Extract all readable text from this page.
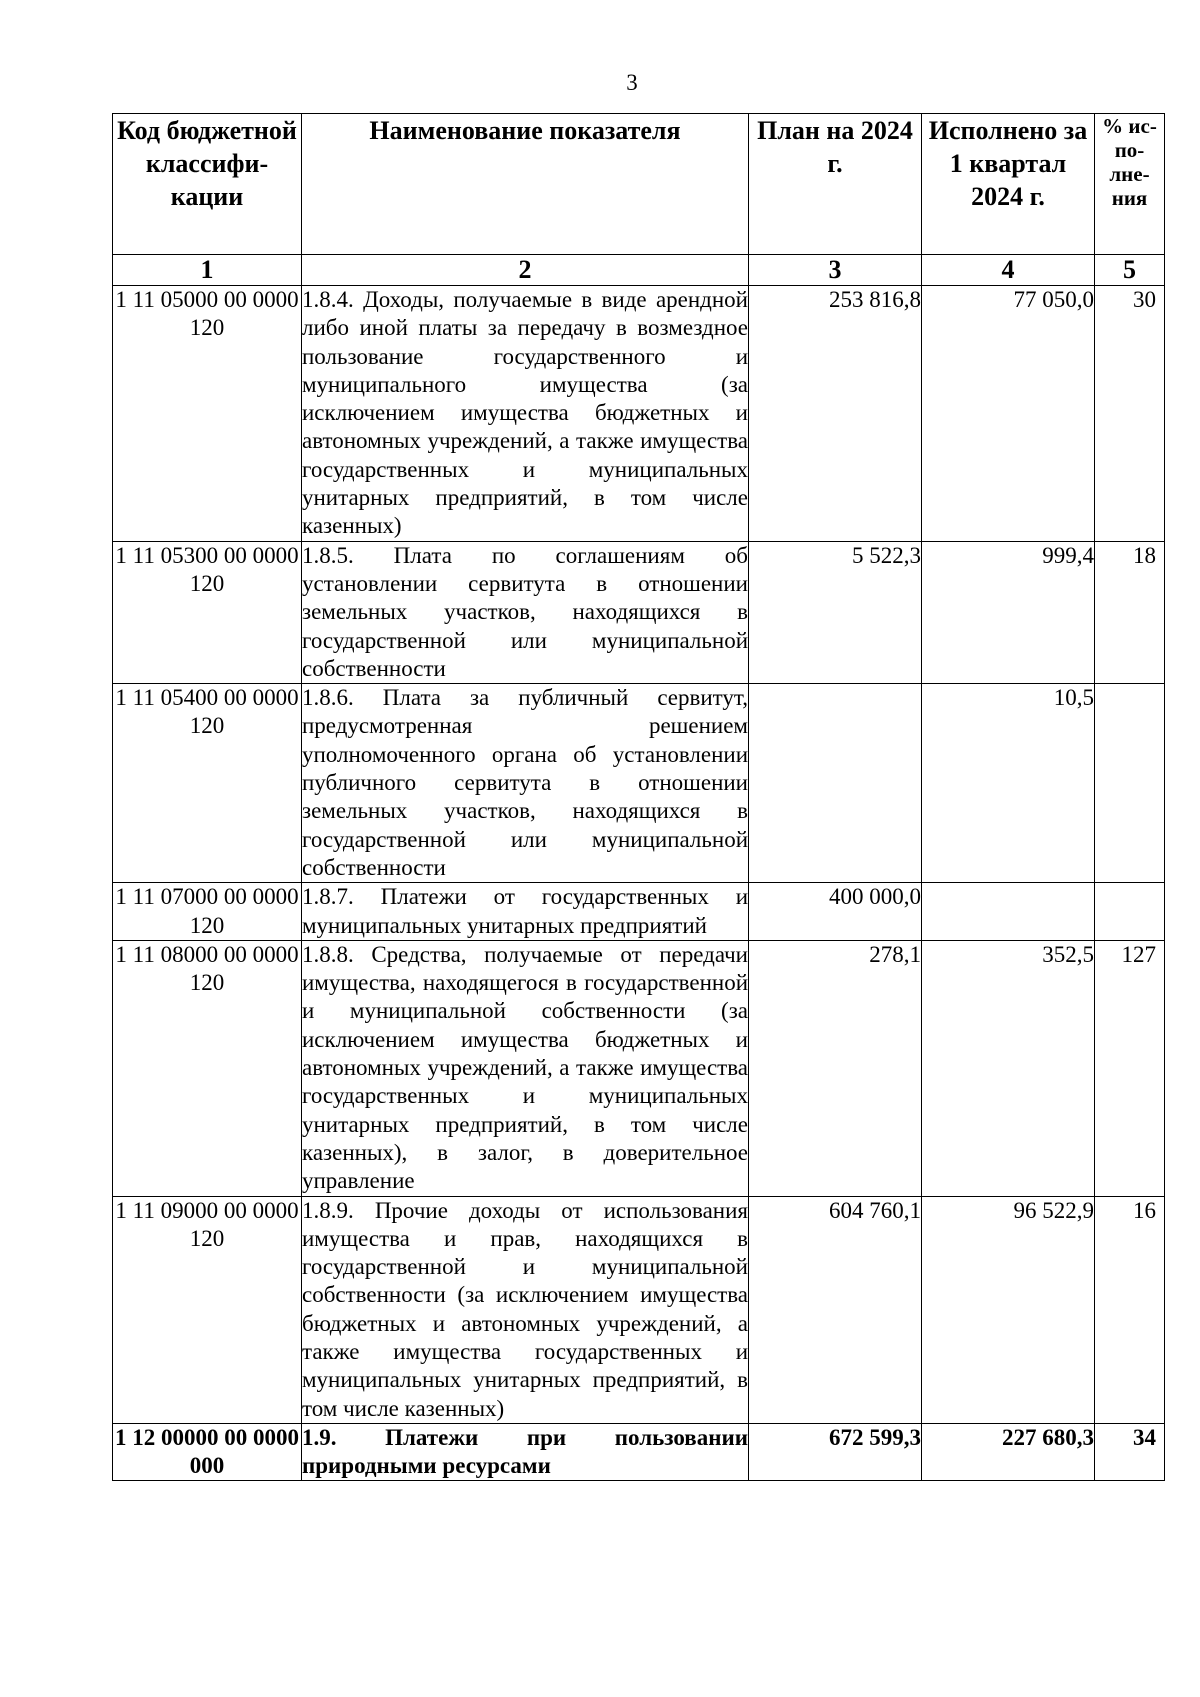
3
Код бюджетной классифи-кации	Наименование показателя	План на 2024 г.	Исполнено за 1 квартал 2024 г.	% ис-по-лне-ния
1	2	3	4	5
1 11 05000 00 0000 120	1.8.4. Доходы, получаемые в виде арендной либо иной платы за передачу в возмездное пользование государственного и муниципального имущества (за исключением имущества бюджетных и автономных учреждений, а также имущества государственных и муниципальных унитарных предприятий, в том числе казенных)	253 816,8	77 050,0	30
1 11 05300 00 0000 120	1.8.5. Плата по соглашениям об установлении сервитута в отношении земельных участков, находящихся в государственной или муниципальной собственности	5 522,3	999,4	18
1 11 05400 00 0000 120	1.8.6. Плата за публичный сервитут, предусмотренная решением уполномоченного органа об установлении публичного сервитута в отношении земельных участков, находящихся в государственной или муниципальной собственности		10,5	
1 11 07000 00 0000 120	1.8.7. Платежи от государственных и муниципальных унитарных предприятий	400 000,0		
1 11 08000 00 0000 120	1.8.8. Средства, получаемые от передачи имущества, находящегося в государственной и муниципальной собственности (за исключением имущества бюджетных и автономных учреждений, а также имущества государственных и муниципальных унитарных предприятий, в том числе казенных), в залог, в доверительное управление	278,1	352,5	127
1 11 09000 00 0000 120	1.8.9. Прочие доходы от использования имущества и прав, находящихся в государственной и муниципальной собственности (за исключением имущества бюджетных и автономных учреждений, а также имущества государственных и муниципальных унитарных предприятий, в том числе казенных)	604 760,1	96 522,9	16
1 12 00000 00 0000 000	1.9. Платежи при пользовании природными ресурсами	672 599,3	227 680,3	34
